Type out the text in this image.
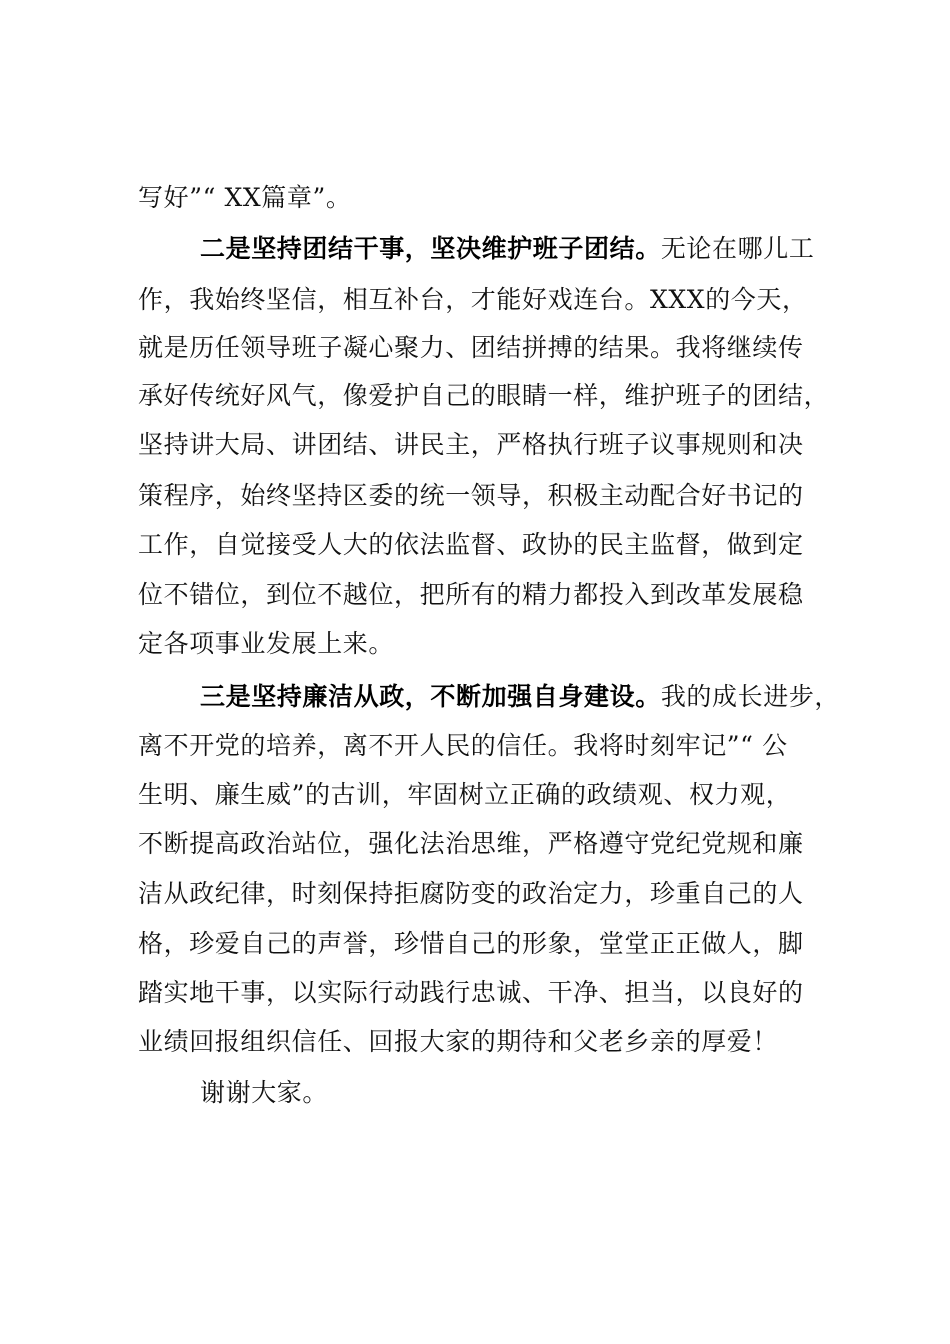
写好”“ XX篇章”。
二是坚持团结干事，坚决维护班子团结。无论在哪儿工
作，我始终坚信，相互补台，才能好戏连台。XXX的今天，
就是历任领导班子凝心聚力、团结拼搏的结果。我将继续传
承好传统好风气，像爱护自己的眼睛一样，维护班子的团结，
坚持讲大局、讲团结、讲民主，严格执行班子议事规则和决
策程序，始终坚持区委的统一领导，积极主动配合好书记的
工作，自觉接受人大的依法监督、政协的民主监督，做到定
位不错位，到位不越位，把所有的精力都投入到改革发展稳
定各项事业发展上来。
三是坚持廉洁从政，不断加强自身建设。我的成长进步，
离不开党的培养，离不开人民的信任。我将时刻牢记”“ 公
生明、廉生威”的古训，牢固树立正确的政绩观、权力观，
不断提高政治站位，强化法治思维，严格遵守党纪党规和廉
洁从政纪律，时刻保持拒腐防变的政治定力，珍重自己的人
格，珍爱自己的声誉，珍惜自己的形象，堂堂正正做人，脚
踏实地干事，以实际行动践行忠诚、干净、担当，以良好的
业绩回报组织信任、回报大家的期待和父老乡亲的厚爱！
谢谢大家。
